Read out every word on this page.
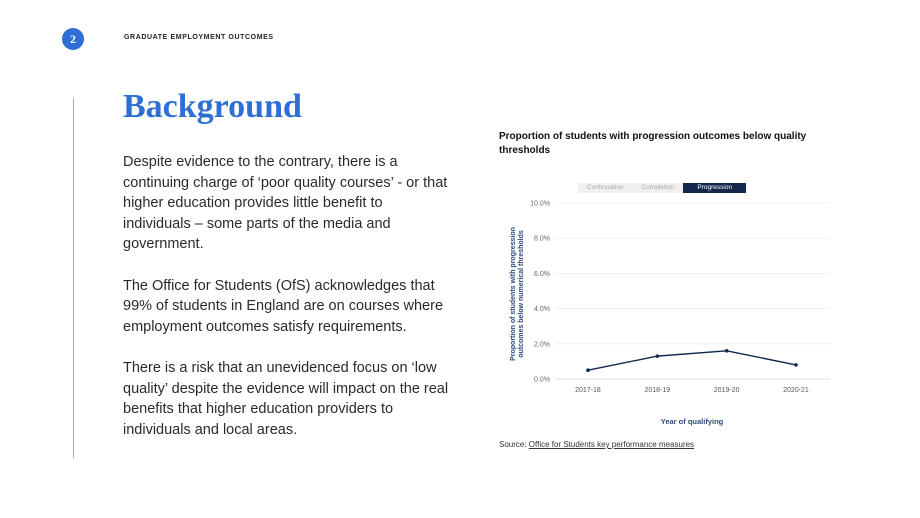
2	GRADUATE EMPLOYMENT OUTCOMES
Background

Despite evidence to the contrary, there is a continuing charge of ‘poor quality courses’ - or that higher education provides little benefit to individuals – some parts of the media and government.

The Office for Students (OfS) acknowledges that 99% of students in England are on courses where employment outcomes satisfy requirements.

There is a risk that an unevidenced focus on ‘low quality’ despite the evidence will impact on the real benefits that higher education providers to individuals and local areas.

Proportion of students with progression outcomes below quality thresholds

Continuation	Completion	Progression
0.0%
2.0%
4.0%
6.0%
8.0%
10.0%
2017-18	2018-19	2019-20	2020-21
Proportion of students with progression outcomes below numerical thresholds
Year of qualifying
Source: Office for Students key performance measures
